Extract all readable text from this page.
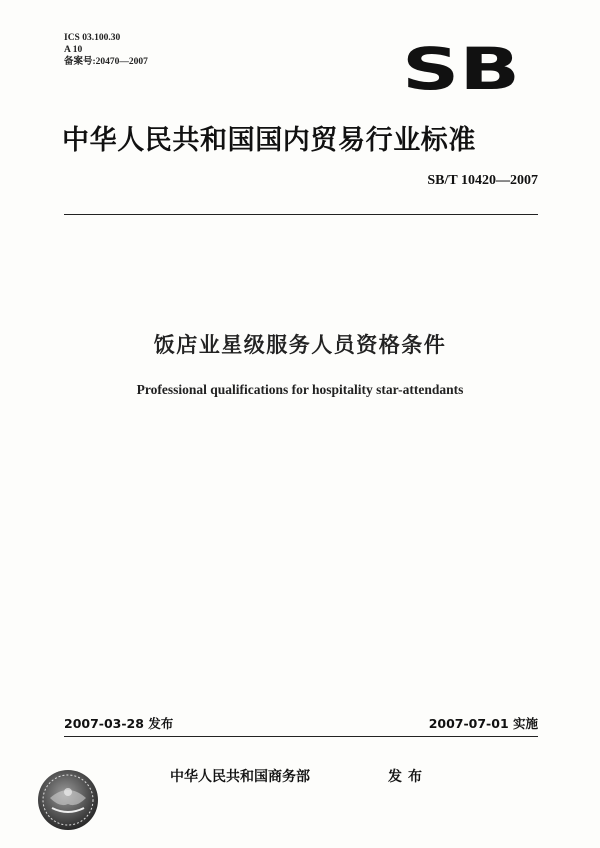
ICS 03.100.30
A 10
备案号:20470—2007	SB
中华人民共和国国内贸易行业标准
SB/T 10420—2007
饭店业星级服务人员资格条件
Professional qualifications for hospitality star-attendants
2007-03-28 发布	2007-07-01 实施
中华人民共和国商务部	发布
